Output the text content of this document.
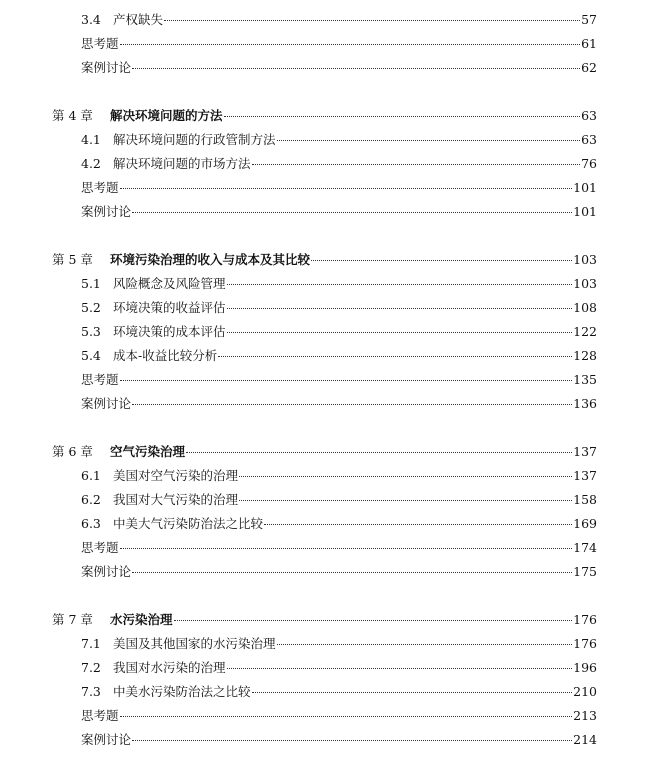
3.4 产权缺失	57
思考题	61
案例讨论	62
第 4 章	解决环境问题的方法	63
4.1 解决环境问题的行政管制方法	63
4.2 解决环境问题的市场方法	76
思考题	101
案例讨论	101
第 5 章	环境污染治理的收入与成本及其比较	103
5.1 风险概念及风险管理	103
5.2 环境决策的收益评估	108
5.3 环境决策的成本评估	122
5.4 成本-收益比较分析	128
思考题	135
案例讨论	136
第 6 章	空气污染治理	137
6.1 美国对空气污染的治理	137
6.2 我国对大气污染的治理	158
6.3 中美大气污染防治法之比较	169
思考题	174
案例讨论	175
第 7 章	水污染治理	176
7.1 美国及其他国家的水污染治理	176
7.2 我国对水污染的治理	196
7.3 中美水污染防治法之比较	210
思考题	213
案例讨论	214
